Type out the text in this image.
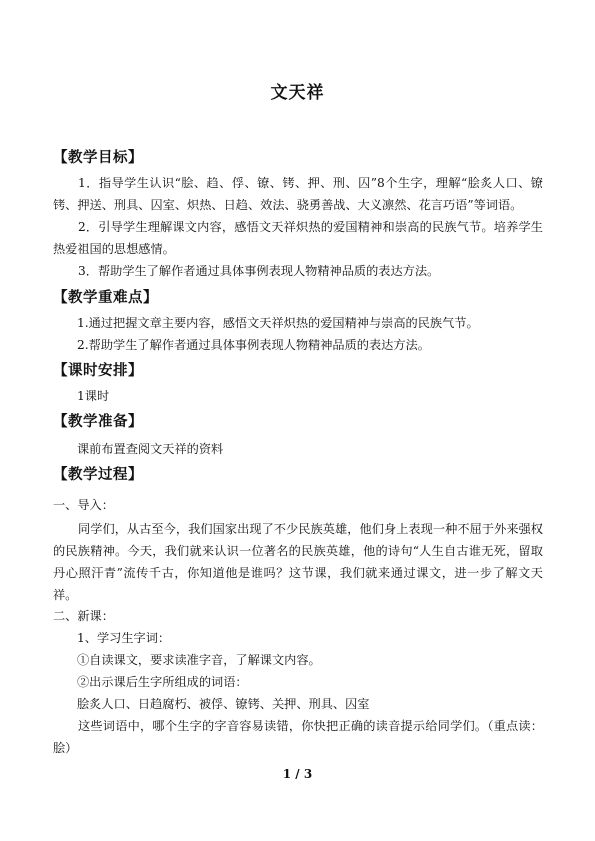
文天祥
【教学目标】
1．指导学生认识“脍、趋、俘、镣、铐、押、刑、囚”8个生字，理解“脍炙人口、镣铐、押送、刑具、囚室、炽热、日趋、效法、骁勇善战、大义凛然、花言巧语”等词语。
2．引导学生理解课文内容，感悟文天祥炽热的爱国精神和崇高的民族气节。培养学生热爱祖国的思想感情。
3．帮助学生了解作者通过具体事例表现人物精神品质的表达方法。
【教学重难点】
1.通过把握文章主要内容，感悟文天祥炽热的爱国精神与崇高的民族气节。
2.帮助学生了解作者通过具体事例表现人物精神品质的表达方法。
【课时安排】
1课时
【教学准备】
课前布置查阅文天祥的资料
【教学过程】
一、导入：
同学们，从古至今，我们国家出现了不少民族英雄，他们身上表现一种不屈于外来强权的民族精神。今天，我们就来认识一位著名的民族英雄，他的诗句“人生自古谁无死，留取丹心照汗青”流传千古，你知道他是谁吗？这节课，我们就来通过课文，进一步了解文天祥。
二、新课：
1、学习生字词：
①自读课文，要求读准字音，了解课文内容。
②出示课后生字所组成的词语：
脍炙人口、日趋腐朽、被俘、镣铐、关押、刑具、囚室
这些词语中，哪个生字的字音容易读错，你快把正确的读音提示给同学们。（重点读：脍）
1 / 3
